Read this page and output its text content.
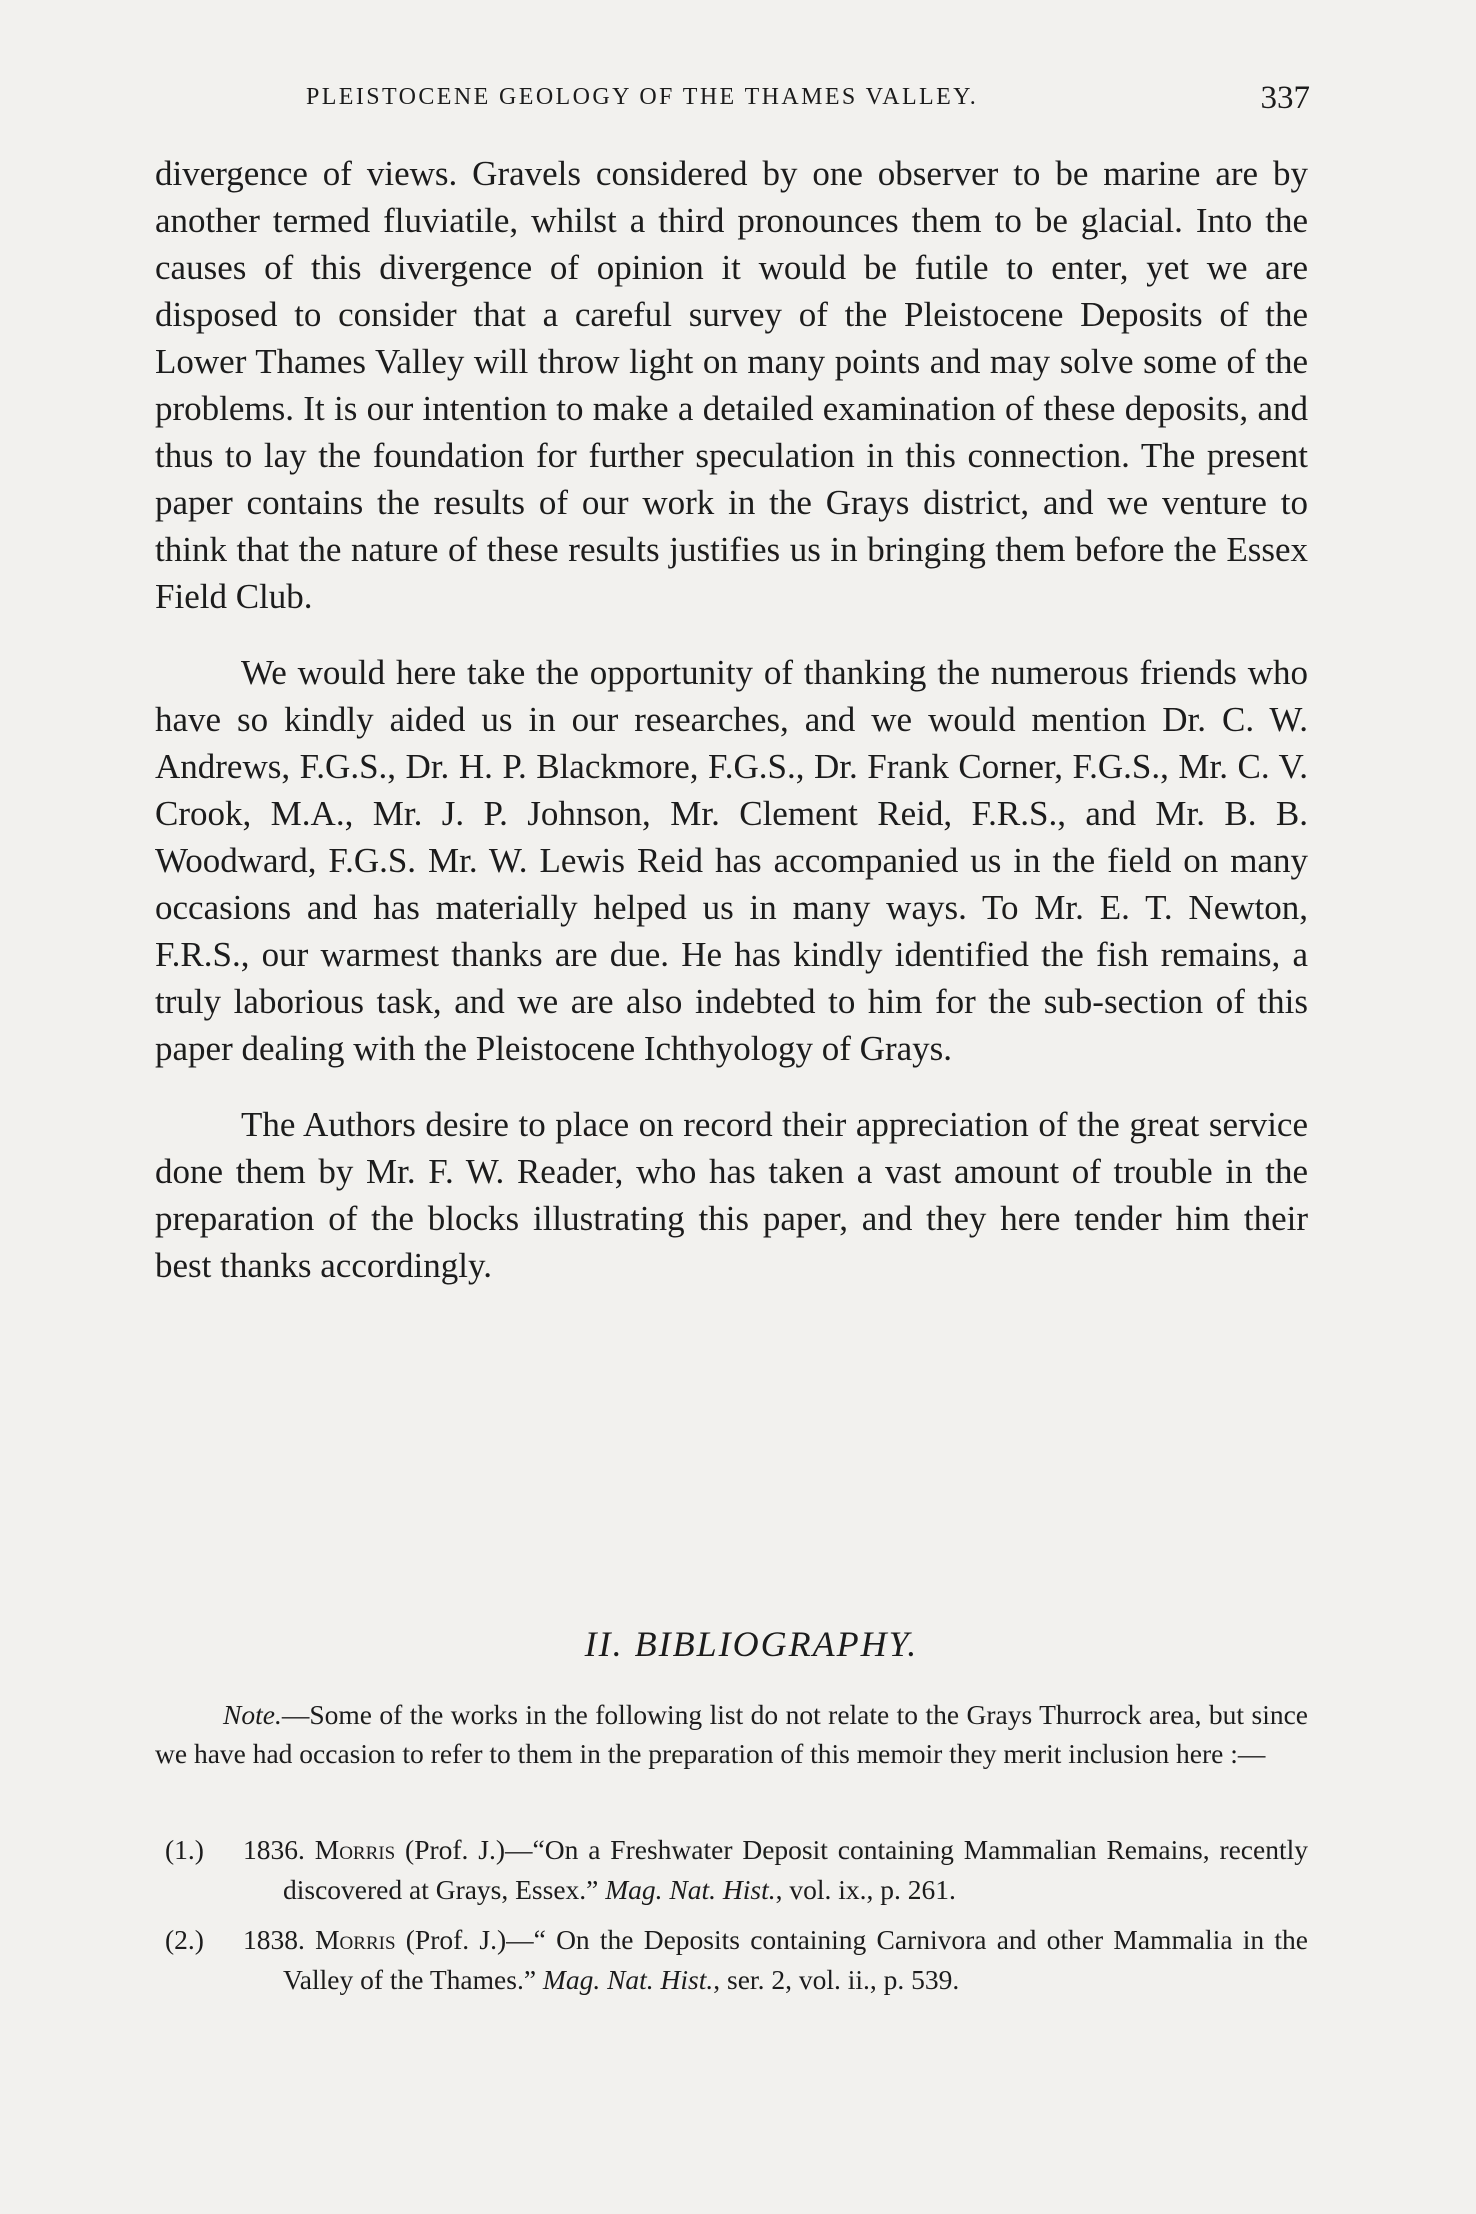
PLEISTOCENE GEOLOGY OF THE THAMES VALLEY.	337

divergence of views. Gravels considered by one observer to be marine are by another termed fluviatile, whilst a third pronounces them to be glacial. Into the causes of this divergence of opinion it would be futile to enter, yet we are disposed to consider that a careful survey of the Pleistocene Deposits of the Lower Thames Valley will throw light on many points and may solve some of the problems. It is our intention to make a detailed examination of these deposits, and thus to lay the foundation for further speculation in this connection. The present paper contains the results of our work in the Grays district, and we venture to think that the nature of these results justifies us in bringing them before the Essex Field Club.

We would here take the opportunity of thanking the numerous friends who have so kindly aided us in our researches, and we would mention Dr. C. W. Andrews, F.G.S., Dr. H. P. Blackmore, F.G.S., Dr. Frank Corner, F.G.S., Mr. C. V. Crook, M.A., Mr. J. P. Johnson, Mr. Clement Reid, F.R.S., and Mr. B. B. Woodward, F.G.S. Mr. W. Lewis Reid has accompanied us in the field on many occasions and has materially helped us in many ways. To Mr. E. T. Newton, F.R.S., our warmest thanks are due. He has kindly identified the fish remains, a truly laborious task, and we are also indebted to him for the sub-section of this paper dealing with the Pleistocene Ichthyology of Grays.

The Authors desire to place on record their appreciation of the great service done them by Mr. F. W. Reader, who has taken a vast amount of trouble in the preparation of the blocks illustrating this paper, and they here tender him their best thanks accordingly.

II. BIBLIOGRAPHY.

Note.—Some of the works in the following list do not relate to the Grays Thurrock area, but since we have had occasion to refer to them in the preparation of this memoir they merit inclusion here :—

(1.) 1836. Morris (Prof. J.)—“On a Freshwater Deposit containing Mammalian Remains, recently discovered at Grays, Essex.” Mag. Nat. Hist., vol. ix., p. 261.

(2.) 1838. Morris (Prof. J.)—“ On the Deposits containing Carnivora and other Mammalia in the Valley of the Thames.” Mag. Nat. Hist., ser. 2, vol. ii., p. 539.
